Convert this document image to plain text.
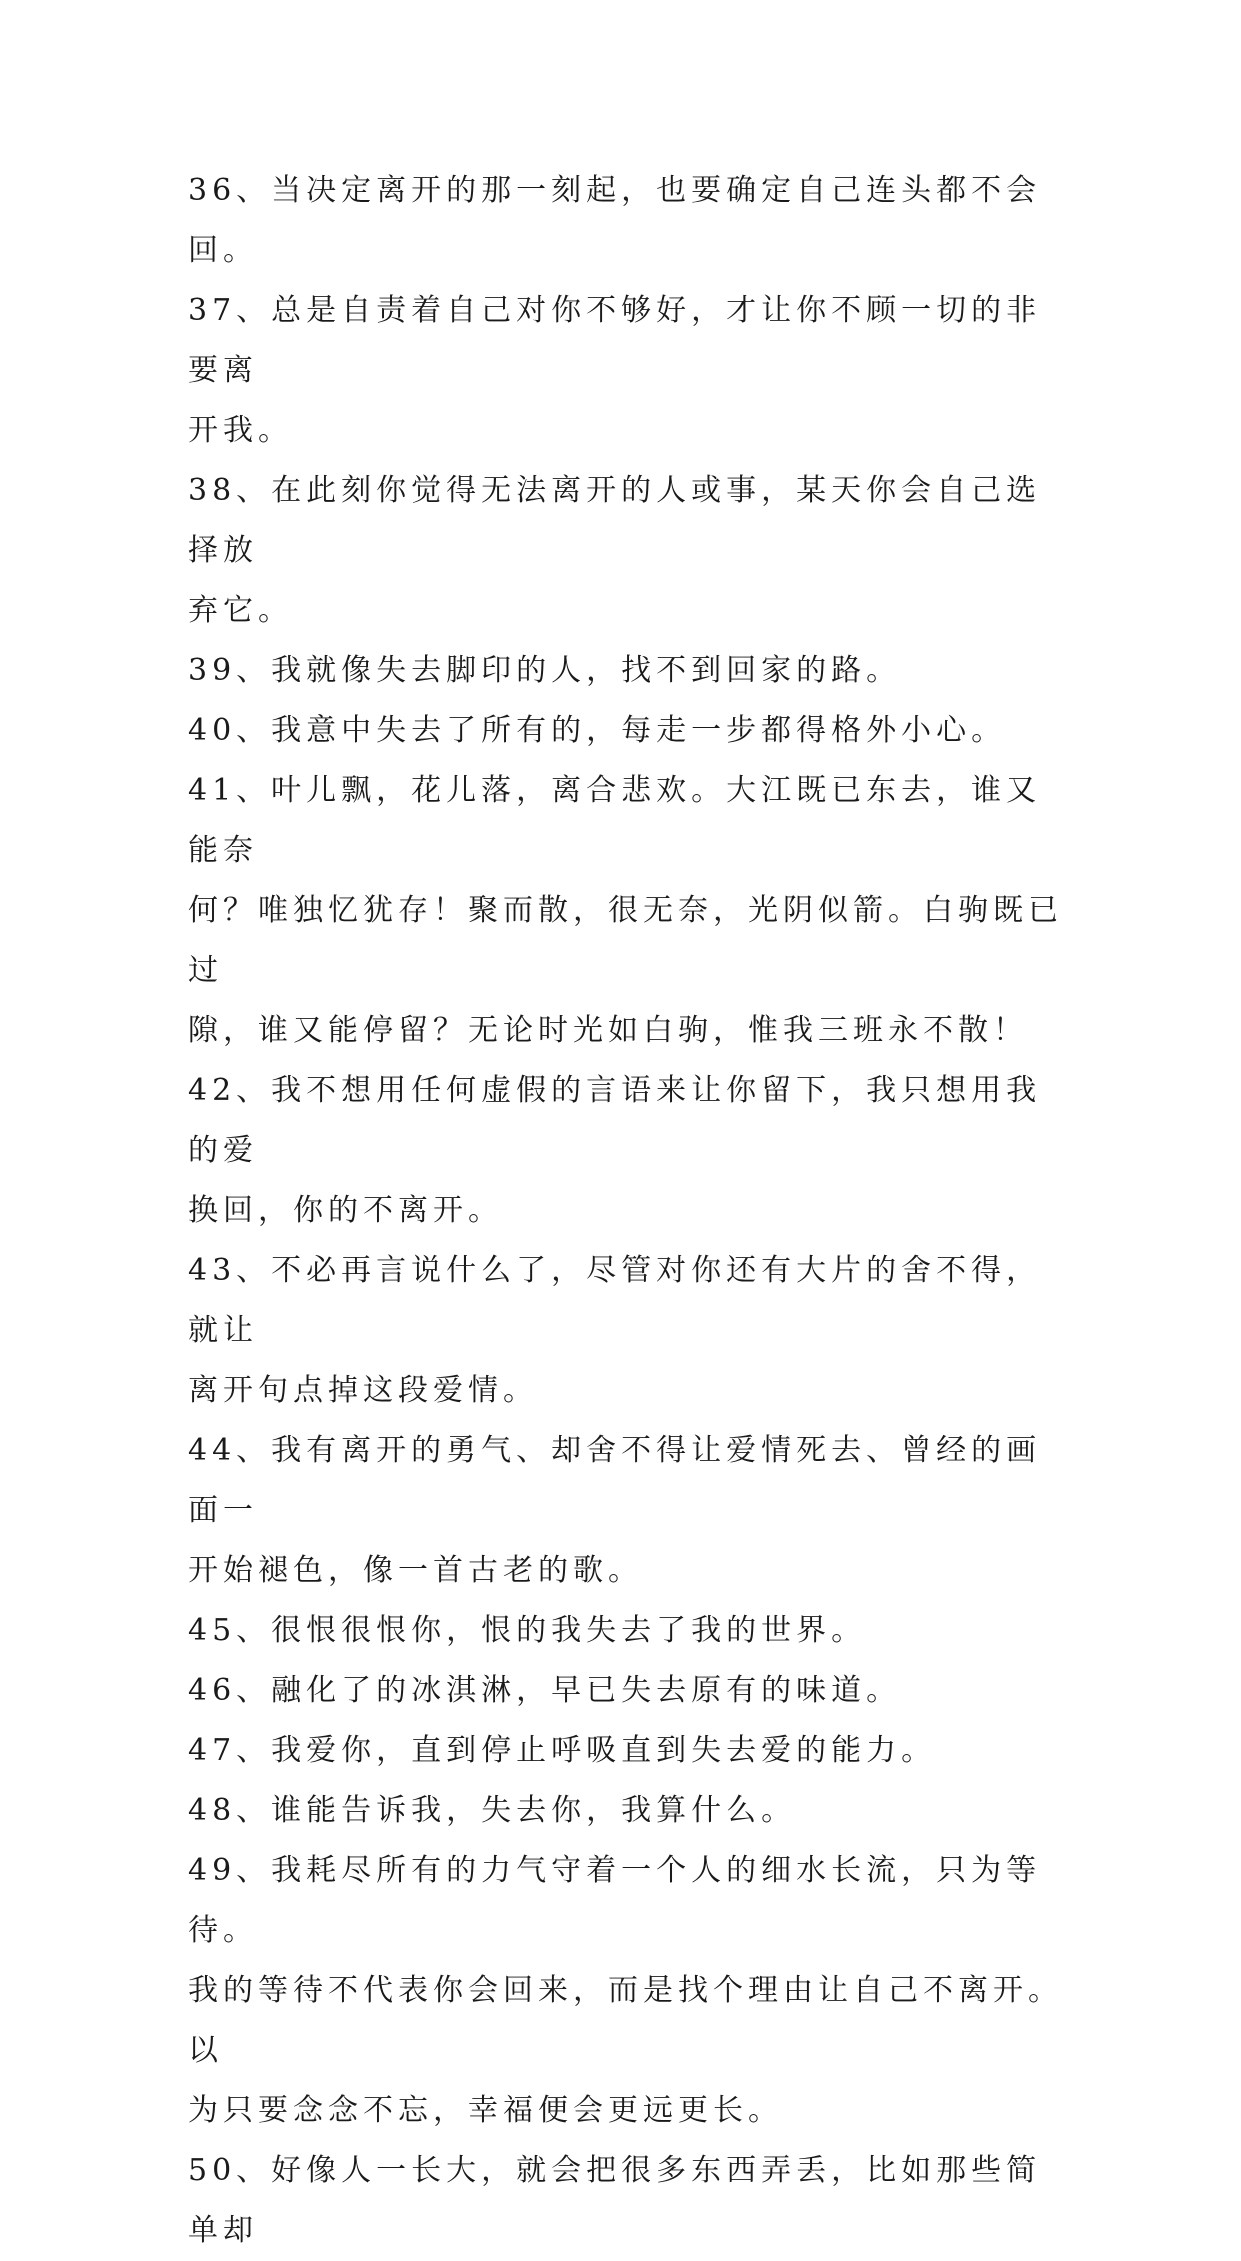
36、当决定离开的那一刻起，也要确定自己连头都不会回。

37、总是自责着自己对你不够好，才让你不顾一切的非要离

开我。

38、在此刻你觉得无法离开的人或事，某天你会自己选择放

弃它。

39、我就像失去脚印的人，找不到回家的路。

40、我意中失去了所有的，每走一步都得格外小心。

41、叶儿飘，花儿落，离合悲欢。大江既已东去，谁又能奈

何？唯独忆犹存！聚而散，很无奈，光阴似箭。白驹既已过

隙，谁又能停留？无论时光如白驹，惟我三班永不散！

42、我不想用任何虚假的言语来让你留下，我只想用我的爱

换回，你的不离开。

43、不必再言说什么了，尽管对你还有大片的舍不得，就让

离开句点掉这段爱情。

44、我有离开的勇气、却舍不得让爱情死去、曾经的画面一

开始褪色，像一首古老的歌。

45、很恨很恨你，恨的我失去了我的世界。

46、融化了的冰淇淋，早已失去原有的味道。

47、我爱你，直到停止呼吸直到失去爱的能力。

48、谁能告诉我，失去你，我算什么。

49、我耗尽所有的力气守着一个人的细水长流，只为等待。

我的等待不代表你会回来，而是找个理由让自己不离开。以

为只要念念不忘，幸福便会更远更长。

50、好像人一长大，就会把很多东西弄丢，比如那些简单却
